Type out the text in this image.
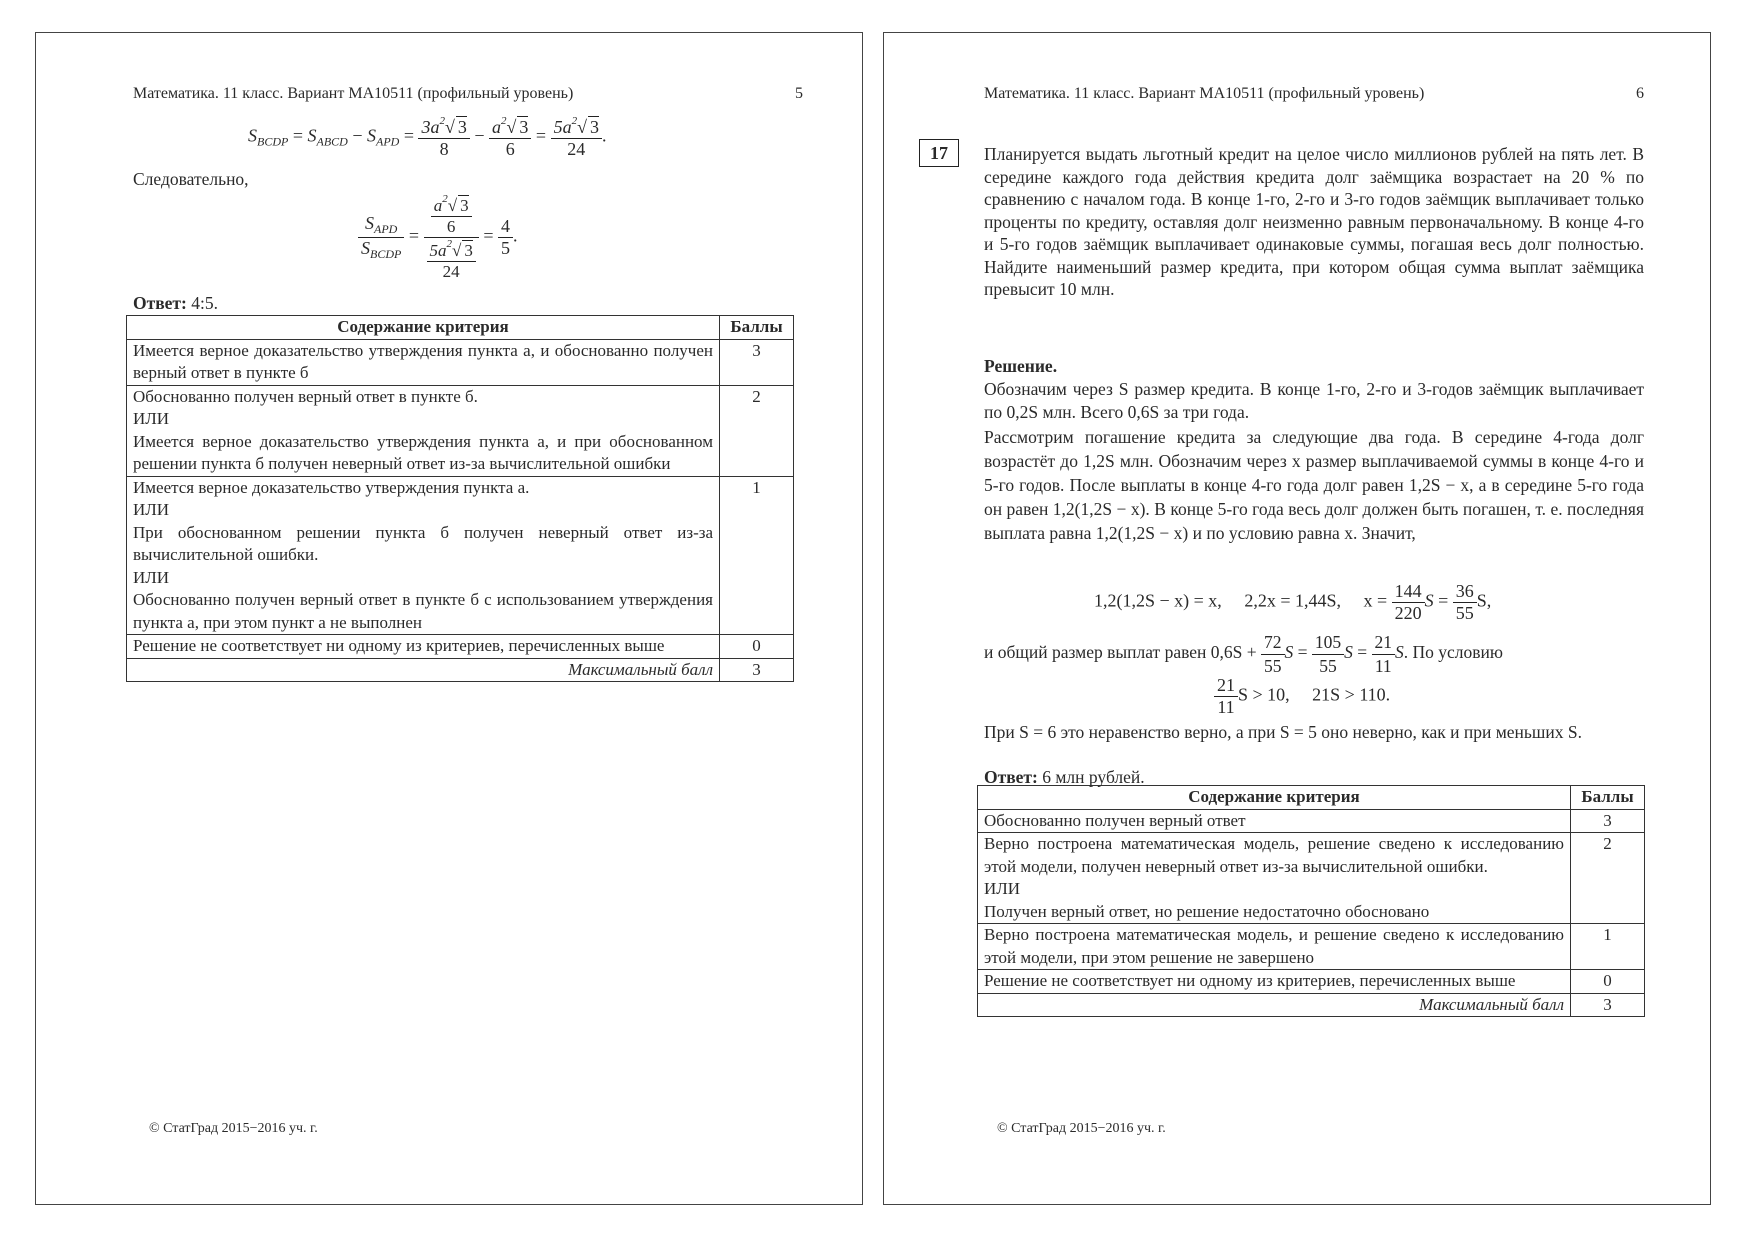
Математика. 11 класс. Вариант МА10511 (профильный уровень)	5
$S_{BCDP} = S_{ABCD} - S_{APD} = \frac{3a^2√ 3}{8} - \frac{a^2√ 3}{6} = \frac{5a^2√ 3}{24}$ .
Следовательно,
$\frac{S_{APD}}{S_{BCDP}} = \frac{\frac{a^2√ 3}{6}}{\frac{5a^2√ 3}{24}} = \frac{4}{5}$ .
Ответ: 4:5.
Содержание критерия	Баллы
Имеется верное доказательство утверждения пункта а, и обоснованно получен верный ответ в пункте б	3
Обоснованно получен верный ответ в пункте б.
ИЛИ
Имеется верное доказательство утверждения пункта а, и при обоснованном решении пункта б получен неверный ответ из-за вычислительной ошибки	2
Имеется верное доказательство утверждения пункта а.
ИЛИ
При обоснованном решении пункта б получен неверный ответ из-за вычислительной ошибки.
ИЛИ
Обоснованно получен верный ответ в пункте б с использованием утверждения пункта а, при этом пункт а не выполнен	1
Решение не соответствует ни одному из критериев, перечисленных выше	0
Максимальный балл	3
© СтатГрад 2015−2016 уч. г.
17
Математика. 11 класс. Вариант МА10511 (профильный уровень)	6

Планируется выдать льготный кредит на целое число миллионов рублей на пять лет. В середине каждого года действия кредита долг заёмщика возрастает на 20 % по сравнению с началом года. В конце 1-го, 2-го и 3-го годов заёмщик выплачивает только проценты по кредиту, оставляя долг неизменно равным первоначальному. В конце 4-го и 5-го годов заёмщик выплачивает одинаковые суммы, погашая весь долг полностью. Найдите наименьший размер кредита, при котором общая сумма выплат заёмщика превысит 10 млн.

Решение.

Обозначим через S размер кредита. В конце 1-го, 2-го и 3-годов заёмщик выплачивает по 0,2S млн. Всего 0,6S за три года.

Рассмотрим погашение кредита за следующие два года. В середине 4-года долг возрастёт до 1,2S млн. Обозначим через x размер выплачиваемой суммы в конце 4-го и 5-го годов. После выплаты в конце 4-го года долг равен 1,2S − x, а в середине 5-го года он равен 1,2(1,2S − x). В конце 5-го года весь долг должен быть погашен, т. е. последняя выплата равна 1,2(1,2S − x) и по условию равна x. Значит,

1,2(1,2S − x) = x, 2,2x = 1,44S, $x = \frac{144}{220}$ $S = \frac{36}{55} S$,
и общий размер выплат равен $0,6S + \frac{72}{55}$ $S = \frac{105}{55}$ $S = \frac{21}{11} S$. По условию
$\frac{21}{11}$ S > 10, 21S > 110.

При S = 6 это неравенство верно, а при S = 5 оно неверно, как и при меньших S.

Ответ: 6 млн рублей.
Содержание критерия	Баллы
Обоснованно получен верный ответ	3
Верно построена математическая модель, решение сведено к исследованию этой модели, получен неверный ответ из-за вычислительной ошибки.
ИЛИ
Получен верный ответ, но решение недостаточно обосновано	2
Верно построена математическая модель, и решение сведено к исследованию этой модели, при этом решение не завершено	1
Решение не соответствует ни одному из критериев, перечисленных выше	0
Максимальный балл	3
© СтатГрад 2015−2016 уч. г.
